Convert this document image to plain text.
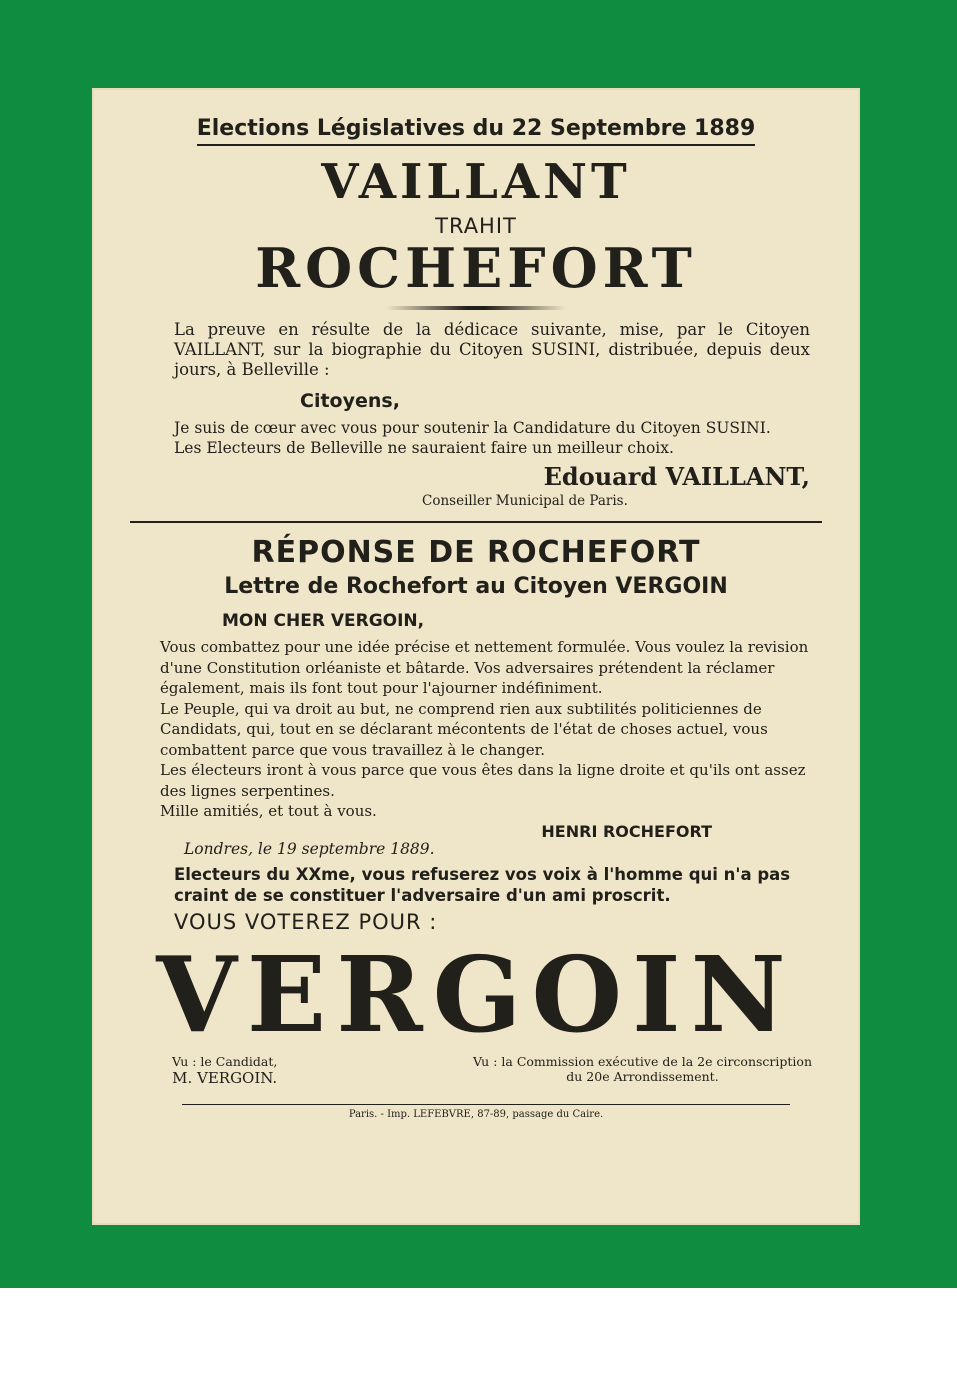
Elections Législatives du 22 Septembre 1889
VAILLANT
TRAHIT
ROCHEFORT
La preuve en résulte de la dédicace suivante, mise, par le Citoyen VAILLANT, sur la biographie du Citoyen SUSINI, distribuée, depuis deux jours, à Belleville :
Citoyens,
Je suis de cœur avec vous pour soutenir la Candidature du Citoyen SUSINI.
Les Electeurs de Belleville ne sauraient faire un meilleur choix.
Edouard VAILLANT,
Conseiller Municipal de Paris.
RÉPONSE DE ROCHEFORT
Lettre de Rochefort au Citoyen VERGOIN
MON CHER VERGOIN,
Vous combattez pour une idée précise et nettement formulée. Vous voulez la revision d'une Constitution orléaniste et bâtarde. Vos adversaires prétendent la réclamer également, mais ils font tout pour l'ajourner indéfiniment.
Le Peuple, qui va droit au but, ne comprend rien aux subtilités politiciennes de Candidats, qui, tout en se déclarant mécontents de l'état de choses actuel, vous combattent parce que vous travaillez à le changer.
Les électeurs iront à vous parce que vous êtes dans la ligne droite et qu'ils ont assez des lignes serpentines.
Mille amitiés, et tout à vous.
HENRI ROCHEFORT
Londres, le 19 septembre 1889.
Electeurs du XXme, vous refuserez vos voix à l'homme qui n'a pas craint de se constituer l'adversaire d'un ami proscrit.
VOUS VOTEREZ POUR :
VERGOIN
Vu : le Candidat,
M. VERGOIN.
Vu : la Commission exécutive de la 2e circonscription
du 20e Arrondissement.
Paris. - Imp. LEFEBVRE, 87-89, passage du Caire.
